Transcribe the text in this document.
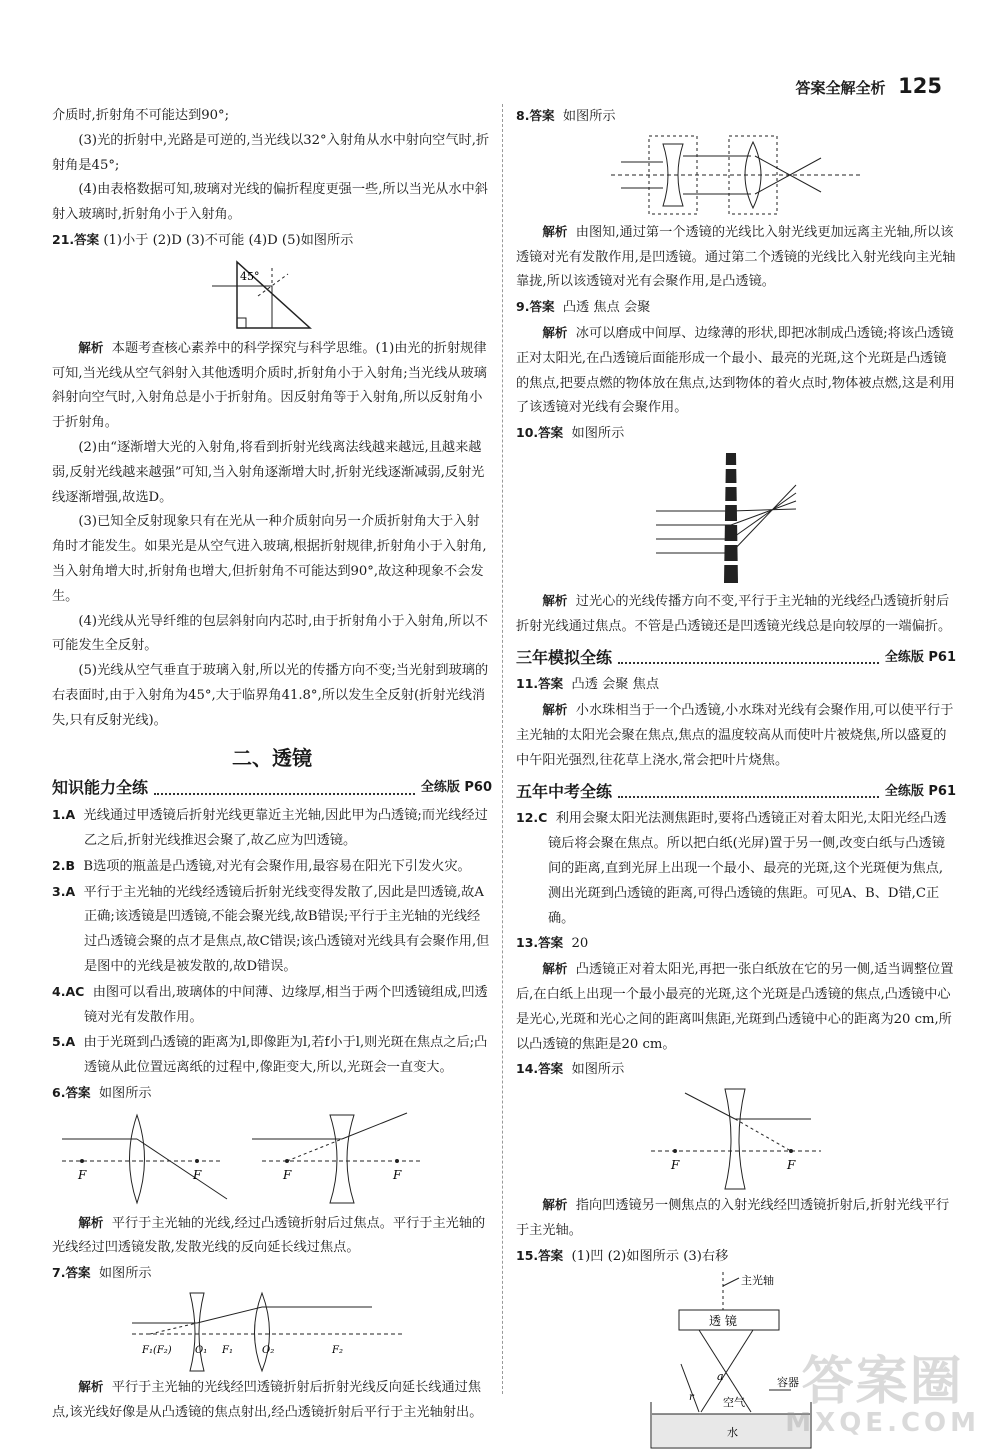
答案全解全析 125

介质时,折射角不可能达到90°;

(3)光的折射中,光路是可逆的,当光线以32°入射角从水中射向空气时,折射角是45°;

(4)由表格数据可知,玻璃对光线的偏折程度更强一些,所以当光从水中斜射入玻璃时,折射角小于入射角。

21.答案 (1)小于 (2)D (3)不可能 (4)D (5)如图所示

45°

解析 本题考查核心素养中的科学探究与科学思维。(1)由光的折射规律可知,当光线从空气斜射入其他透明介质时,折射角小于入射角;当光线从玻璃斜射向空气时,入射角总是小于折射角。因反射角等于入射角,所以反射角小于折射角。

(2)由“逐渐增大光的入射角,将看到折射光线离法线越来越远,且越来越弱,反射光线越来越强”可知,当入射角逐渐增大时,折射光线逐渐减弱,反射光线逐渐增强,故选D。

(3)已知全反射现象只有在光从一种介质射向另一介质折射角大于入射角时才能发生。如果光是从空气进入玻璃,根据折射规律,折射角小于入射角,当入射角增大时,折射角也增大,但折射角不可能达到90°,故这种现象不会发生。

(4)光线从光导纤维的包层斜射向内芯时,由于折射角小于入射角,所以不可能发生全反射。

(5)光线从空气垂直于玻璃入射,所以光的传播方向不变;当光射到玻璃的右表面时,由于入射角为45°,大于临界角41.8°,所以发生全反射(折射光线消失,只有反射光线)。

二、透镜
知识能力全练	全练版 P60

1.A 光线通过甲透镜后折射光线更靠近主光轴,因此甲为凸透镜;而光线经过乙之后,折射光线推迟会聚了,故乙应为凹透镜。

2.B B选项的瓶盖是凸透镜,对光有会聚作用,最容易在阳光下引发火灾。

3.A 平行于主光轴的光线经透镜后折射光线变得发散了,因此是凹透镜,故A正确;该透镜是凹透镜,不能会聚光线,故B错误;平行于主光轴的光线经过凸透镜会聚的点才是焦点,故C错误;该凸透镜对光线具有会聚作用,但是图中的光线是被发散的,故D错误。

4.AC 由图可以看出,玻璃体的中间薄、边缘厚,相当于两个凹透镜组成,凹透镜对光有发散作用。

5.A 由于光斑到凸透镜的距离为l,即像距为l,若f小于l,则光斑在焦点之后;凸透镜从此位置远离纸的过程中,像距变大,所以,光斑会一直变大。

6.答案 如图所示

F	F	F	F

解析 平行于主光轴的光线,经过凸透镜折射后过焦点。平行于主光轴的光线经过凹透镜发散,发散光线的反向延长线过焦点。

7.答案 如图所示

F₁(F₂) O₁ F₁	O₂	F₂

解析 平行于主光轴的光线经凹透镜折射后折射光线反向延长线通过焦点,该光线好像是从凸透镜的焦点射出,经凸透镜折射后平行于主光轴射出。

8.答案 如图所示

解析 由图知,通过第一个透镜的光线比入射光线更加远离主光轴,所以该透镜对光有发散作用,是凹透镜。通过第二个透镜的光线比入射光线向主光轴靠拢,所以该透镜对光有会聚作用,是凸透镜。

9.答案 凸透 焦点 会聚

解析 冰可以磨成中间厚、边缘薄的形状,即把冰制成凸透镜;将该凸透镜正对太阳光,在凸透镜后面能形成一个最小、最亮的光斑,这个光斑是凸透镜的焦点,把要点燃的物体放在焦点,达到物体的着火点时,物体被点燃,这是利用了该透镜对光线有会聚作用。

10.答案 如图所示

解析 过光心的光线传播方向不变,平行于主光轴的光线经凸透镜折射后折射光线通过焦点。不管是凸透镜还是凹透镜光线总是向较厚的一端偏折。

三年模拟全练	全练版 P61

11.答案 凸透 会聚 焦点

解析 小水珠相当于一个凸透镜,小水珠对光线有会聚作用,可以使平行于主光轴的太阳光会聚在焦点,焦点的温度较高从而使叶片被烧焦,所以盛夏的中午阳光强烈,往花草上浇水,常会把叶片烧焦。

五年中考全练	全练版 P61

12.C 利用会聚太阳光法测焦距时,要将凸透镜正对着太阳光,太阳光经凸透镜后将会聚在焦点。所以把白纸(光屏)置于另一侧,改变白纸与凸透镜间的距离,直到光屏上出现一个最小、最亮的光斑,这个光斑便为焦点,测出光斑到凸透镜的距离,可得凸透镜的焦距。可见A、B、D错,C正确。

13.答案 20

解析 凸透镜正对着太阳光,再把一张白纸放在它的另一侧,适当调整位置后,在白纸上出现一个最小最亮的光斑,这个光斑是凸透镜的焦点,凸透镜中心是光心,光斑和光心之间的距离叫焦距,光斑到凸透镜中心的距离为20 cm,所以凸透镜的焦距是20 cm。

14.答案 如图所示

F	F

解析 指向凹透镜另一侧焦点的入射光线经凹透镜折射后,折射光线平行于主光轴。

15.答案 (1)凹 (2)如图所示 (3)右移

主光轴
透 镜
a
r	空气
容器
水
答案圈
MXQE.COM
